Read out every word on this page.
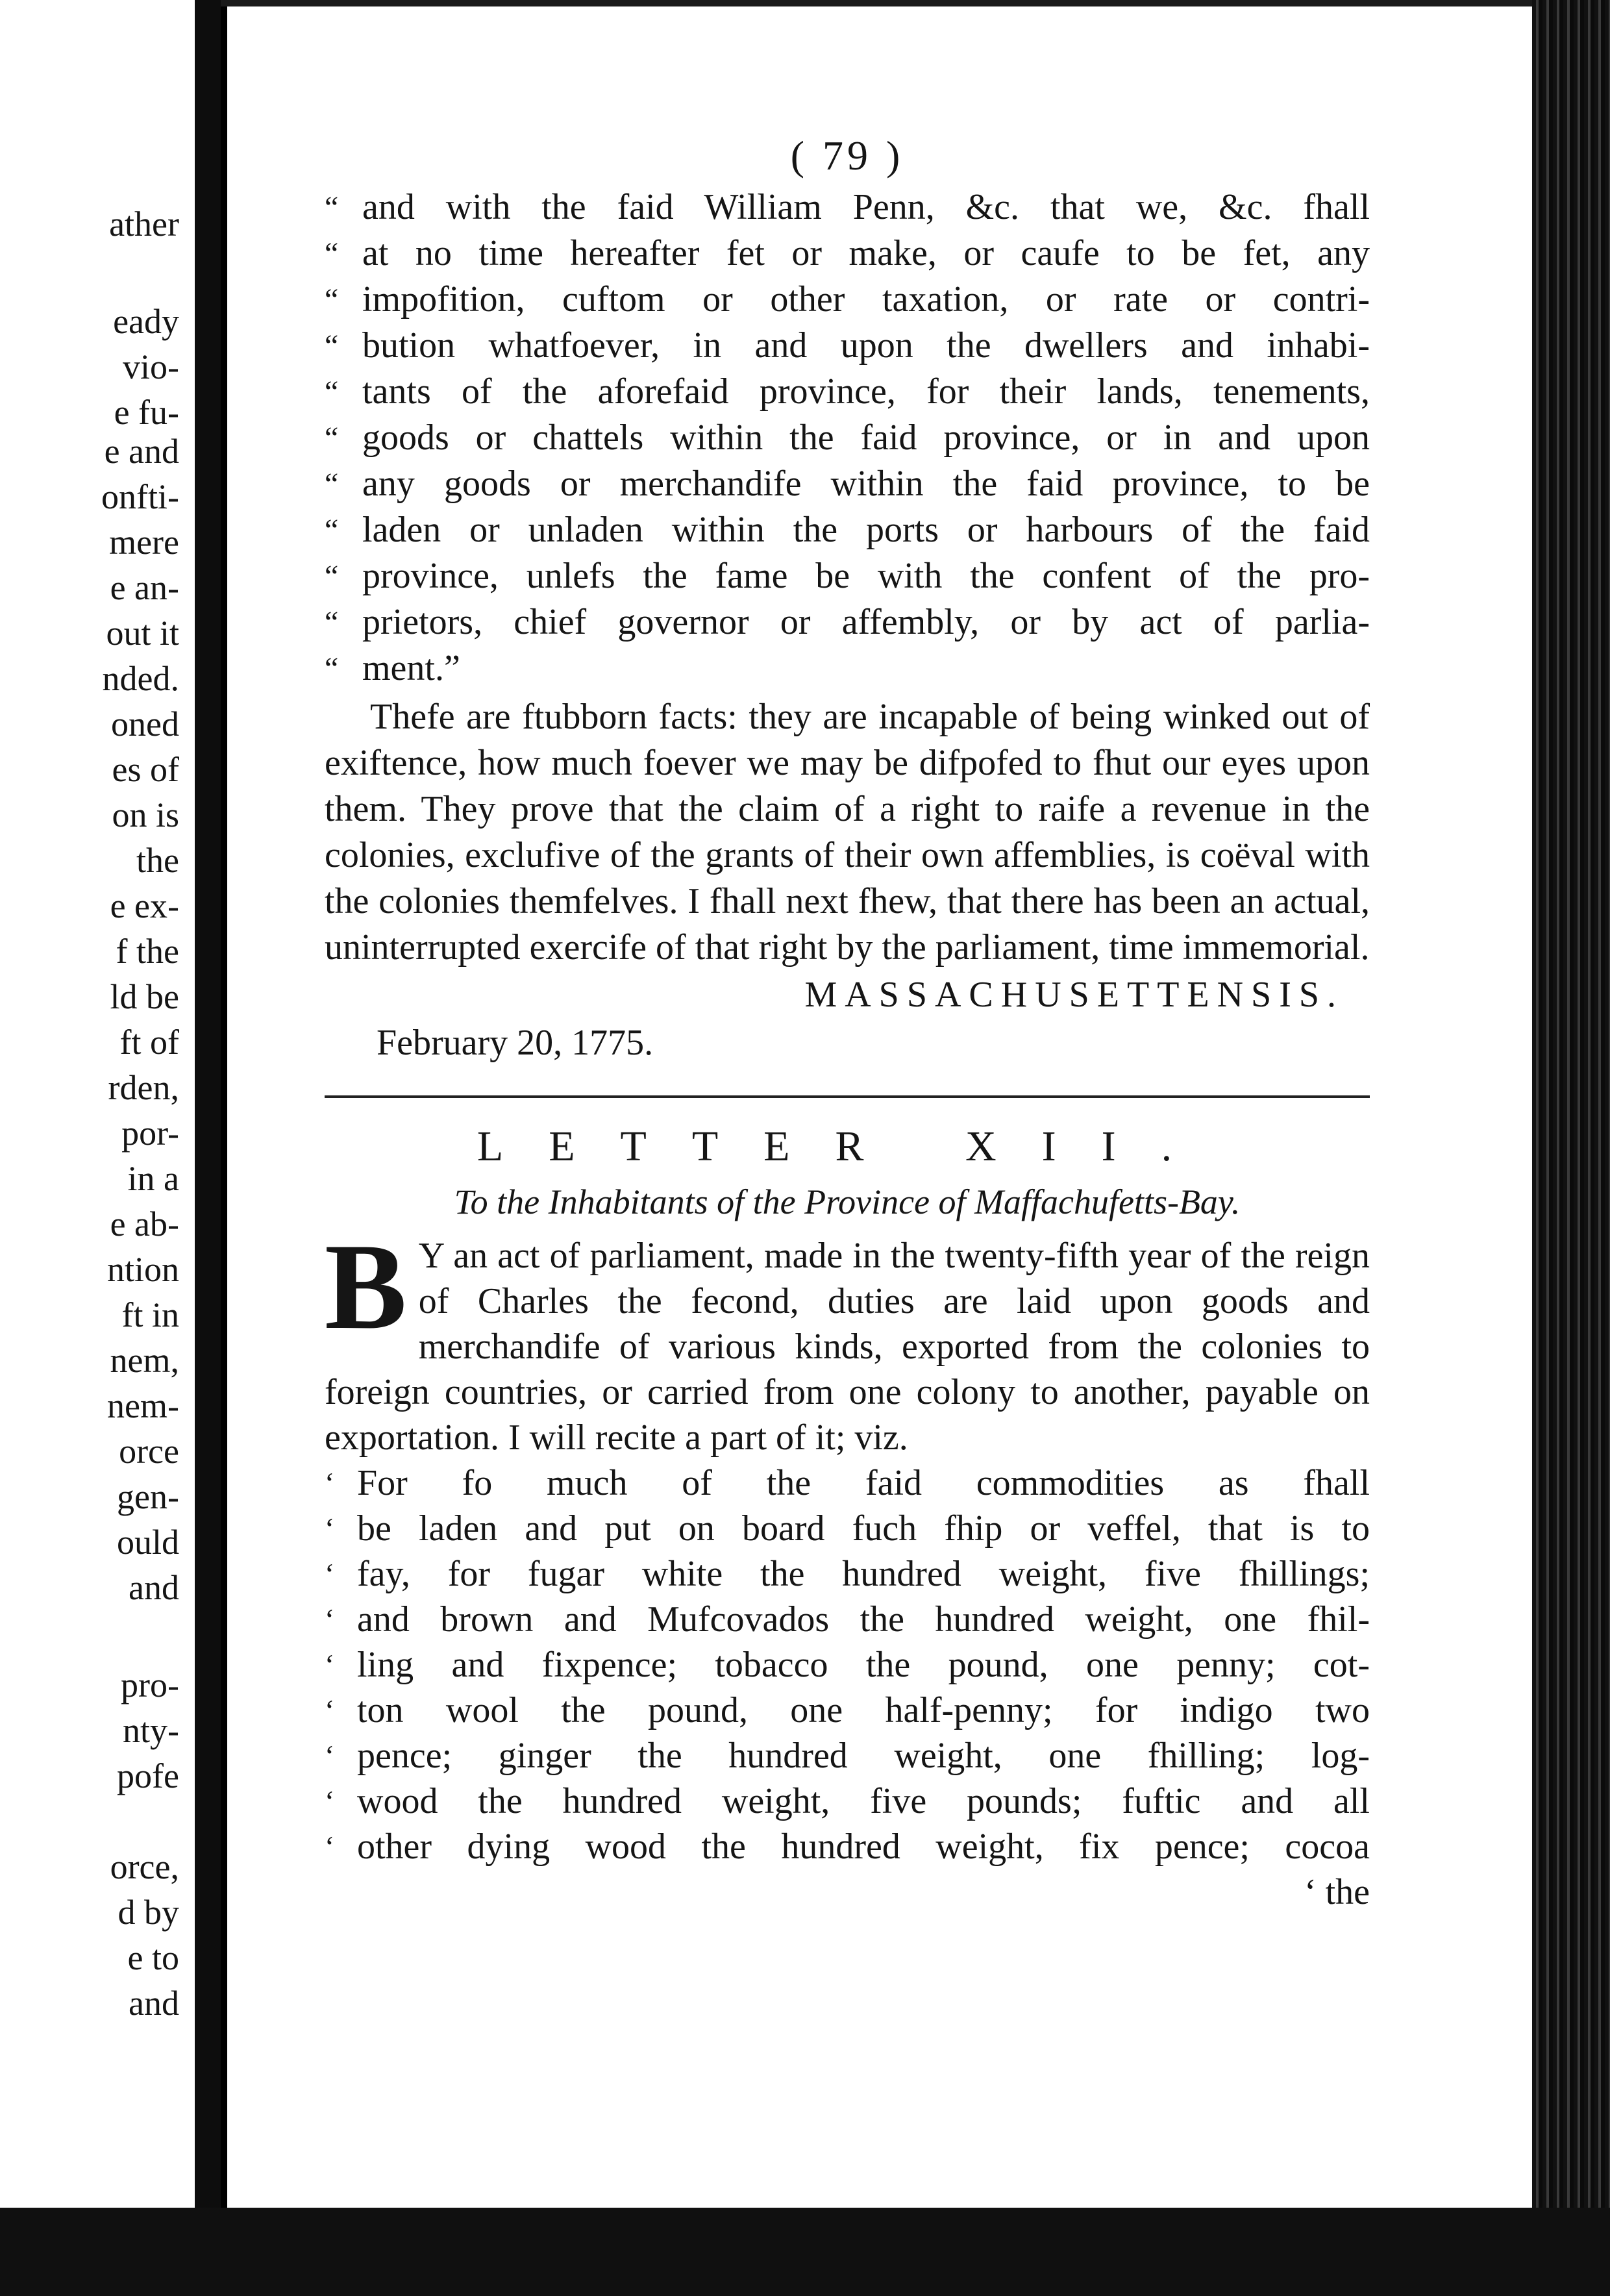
ather
eady
vio-
e fu-
e and
onfti-
mere
e an-
out it
nded.
oned
es of
on is
the
e ex-
f the
ld be
ft of
rden,
por-
in a
e ab-
ntion
ft in
nem,
nem-
orce
gen-
ould
and
pro-
nty-
pofe
orce,
d by
e to
and
( 79 )
“ and with the faid William Penn, &c. that we, &c. fhall
“ at no time hereafter fet or make, or caufe to be fet, any
“ impofition, cuftom or other taxation, or rate or contri-
“ bution whatfoever, in and upon the dwellers and inhabi-
“ tants of the aforefaid province, for their lands, tenements,
“ goods or chattels within the faid province, or in and upon
“ any goods or merchandife within the faid province, to be
“ laden or unladen within the ports or harbours of the faid
“ province, unlefs the fame be with the confent of the pro-
“ prietors, chief governor or affembly, or by act of parlia-
“ ment.”
Thefe are ftubborn facts: they are incapable of being winked out of exiftence, how much foever we may be difpofed to fhut our eyes upon them. They prove that the claim of a right to raife a revenue in the colonies, exclufive of the grants of their own affemblies, is coëval with the colonies themfelves. I fhall next fhew, that there has been an actual, uninterrupted exercife of that right by the parliament, time immemorial.
MASSACHUSETTENSIS.
February 20, 1775.
LETTER XII.
To the Inhabitants of the Province of Maffachufetts-Bay.
B Y an act of parliament, made in the twenty-fifth year of the reign of Charles the fecond, duties are laid upon goods and merchandife of various kinds, exported from the colonies to foreign countries, or carried from one colony to another, payable on exportation. I will recite a part of it; viz.
‘ For fo much of the faid commodities as fhall
‘ be laden and put on board fuch fhip or veffel, that is to
‘ fay, for fugar white the hundred weight, five fhillings;
‘ and brown and Mufcovados the hundred weight, one fhil-
‘ ling and fixpence; tobacco the pound, one penny; cot-
‘ ton wool the pound, one half-penny; for indigo two
‘ pence; ginger the hundred weight, one fhilling; log-
‘ wood the hundred weight, five pounds; fuftic and all
‘ other dying wood the hundred weight, fix pence; cocoa
‘ the
